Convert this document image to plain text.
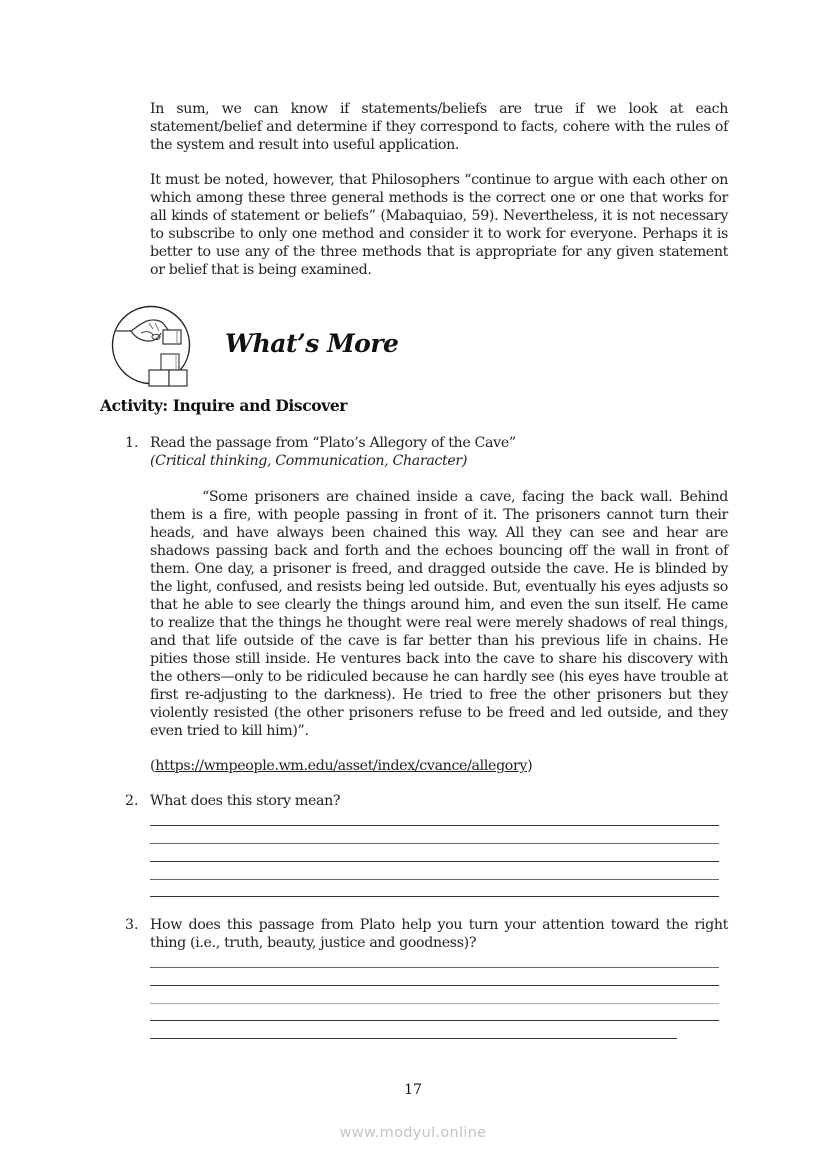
In sum, we can know if statements/beliefs are true if we look at each statement/belief and determine if they correspond to facts, cohere with the rules of the system and result into useful application.

It must be noted, however, that Philosophers “continue to argue with each other on which among these three general methods is the correct one or one that works for all kinds of statement or beliefs” (Mabaquiao, 59). Nevertheless, it is not necessary to subscribe to only one method and consider it to work for everyone. Perhaps it is better to use any of the three methods that is appropriate for any given statement or belief that is being examined.

What’s More
Activity: Inquire and Discover
1. Read the passage from “Plato’s Allegory of the Cave”

(Critical thinking, Communication, Character)

“Some prisoners are chained inside a cave, facing the back wall. Behind them is a fire, with people passing in front of it. The prisoners cannot turn their heads, and have always been chained this way. All they can see and hear are shadows passing back and forth and the echoes bouncing off the wall in front of them. One day, a prisoner is freed, and dragged outside the cave. He is blinded by the light, confused, and resists being led outside. But, eventually his eyes adjusts so that he able to see clearly the things around him, and even the sun itself. He came to realize that the things he thought were real were merely shadows of real things, and that life outside of the cave is far better than his previous life in chains. He pities those still inside. He ventures back into the cave to share his discovery with the others—only to be ridiculed because he can hardly see (his eyes have trouble at first re-adjusting to the darkness). He tried to free the other prisoners but they violently resisted (the other prisoners refuse to be freed and led outside, and they even tried to kill him)”.

(https://wmpeople.wm.edu/asset/index/cvance/allegory)
2. What does this story mean?

3. How does this passage from Plato help you turn your attention toward the right thing (i.e., truth, beauty, justice and goodness)?

17
www.modyul.online
